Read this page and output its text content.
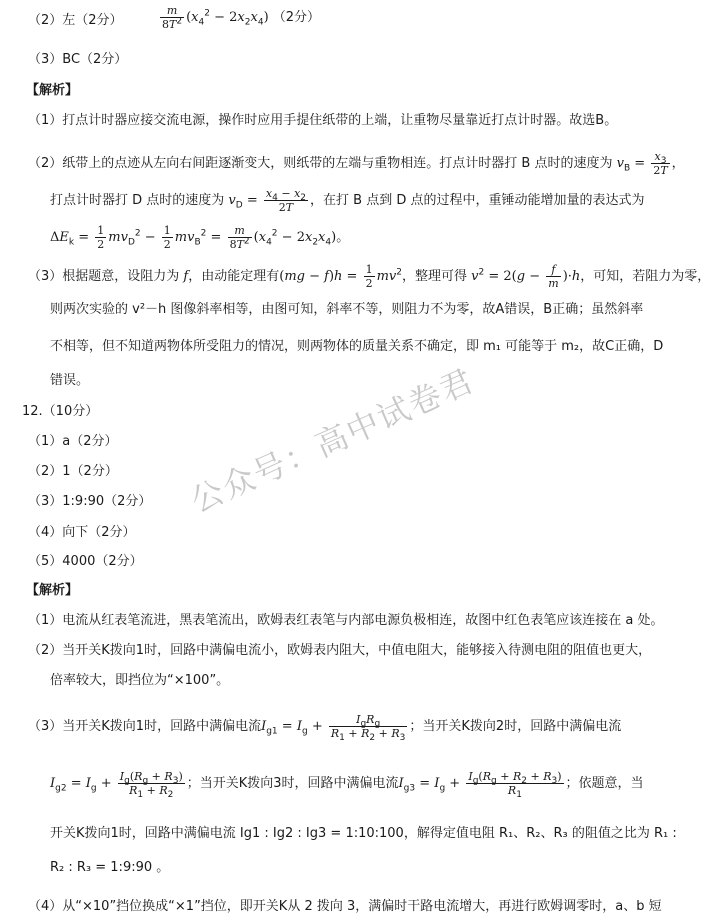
（2）左（2分）	$\frac{m}{8T^2} (x_4^2 - 2x_2x_4)$ （2分）
（3）BC（2分）
【解析】
（1）打点计时器应接交流电源，操作时应用手提住纸带的上端，让重物尽量靠近打点计时器。故选B。
（2）纸带上的点迹从左向右间距逐渐变大，则纸带的左端与重物相连。打点计时器打 B 点时的速度为 $v_B = \frac{x_3}{2T}$ ，
打点计时器打 D 点时的速度为 $v_D = \frac{x_4 - x_2}{2T}$ ，在打 B 点到 D 点的过程中，重锤动能增加量的表达式为
$\Delta E_k = \frac{1}{2} mv_D^2 - \frac{1}{2} mv_B^2 = \frac{m}{8T^2} (x_4^2 - 2x_2x_4)$。
（3）根据题意，设阻力为 f，由动能定理有$(mg - f)h = \frac{1}{2} mv^2$，整理可得 $v^2 = 2(g - \frac{f}{m} )\cdot h$，可知，若阻力为零，
则两次实验的 v²－h 图像斜率相等，由图可知，斜率不等，则阻力不为零，故A错误，B正确；虽然斜率
不相等，但不知道两物体所受阻力的情况，则两物体的质量关系不确定，即 m₁ 可能等于 m₂，故C正确，D
错误。
12.（10分）
（1）a（2分）
（2）1（2分）
（3）1:9:90（2分）
（4）向下（2分）
（5）4000（2分）
【解析】
（1）电流从红表笔流进，黑表笔流出，欧姆表红表笔与内部电源负极相连，故图中红色表笔应该连接在 a 处。
（2）当开关K拨向1时，回路中满偏电流小，欧姆表内阻大，中值电阻大，能够接入待测电阻的阻值也更大，
倍率较大，即挡位为“×100”。
（3）当开关K拨向1时，回路中满偏电流$I_{g1} = I_g + \frac{I_gR_g}{R_1 + R_2 + R_3}$ ；当开关K拨向2时，回路中满偏电流
$I_{g2} = I_g + \frac{I_g(R_g + R_3)}{R_1 + R_2}$ ；当开关K拨向3时，回路中满偏电流$I_{g3} = I_g + \frac{I_g(R_g + R_2 + R_3)}{R_1}$ ；依题意，当
开关K拨向1时，回路中满偏电流 Ig1 : Ig2 : Ig3 = 1:10:100，解得定值电阻 R₁、R₂、R₃ 的阻值之比为 R₁ :
R₂ : R₃ = 1:9:90 。
（4）从“×10”挡位换成“×1”挡位，即开关K从 2 拨向 3，满偏时干路电流增大，再进行欧姆调零时，a、b 短
公众号：高中试卷君
